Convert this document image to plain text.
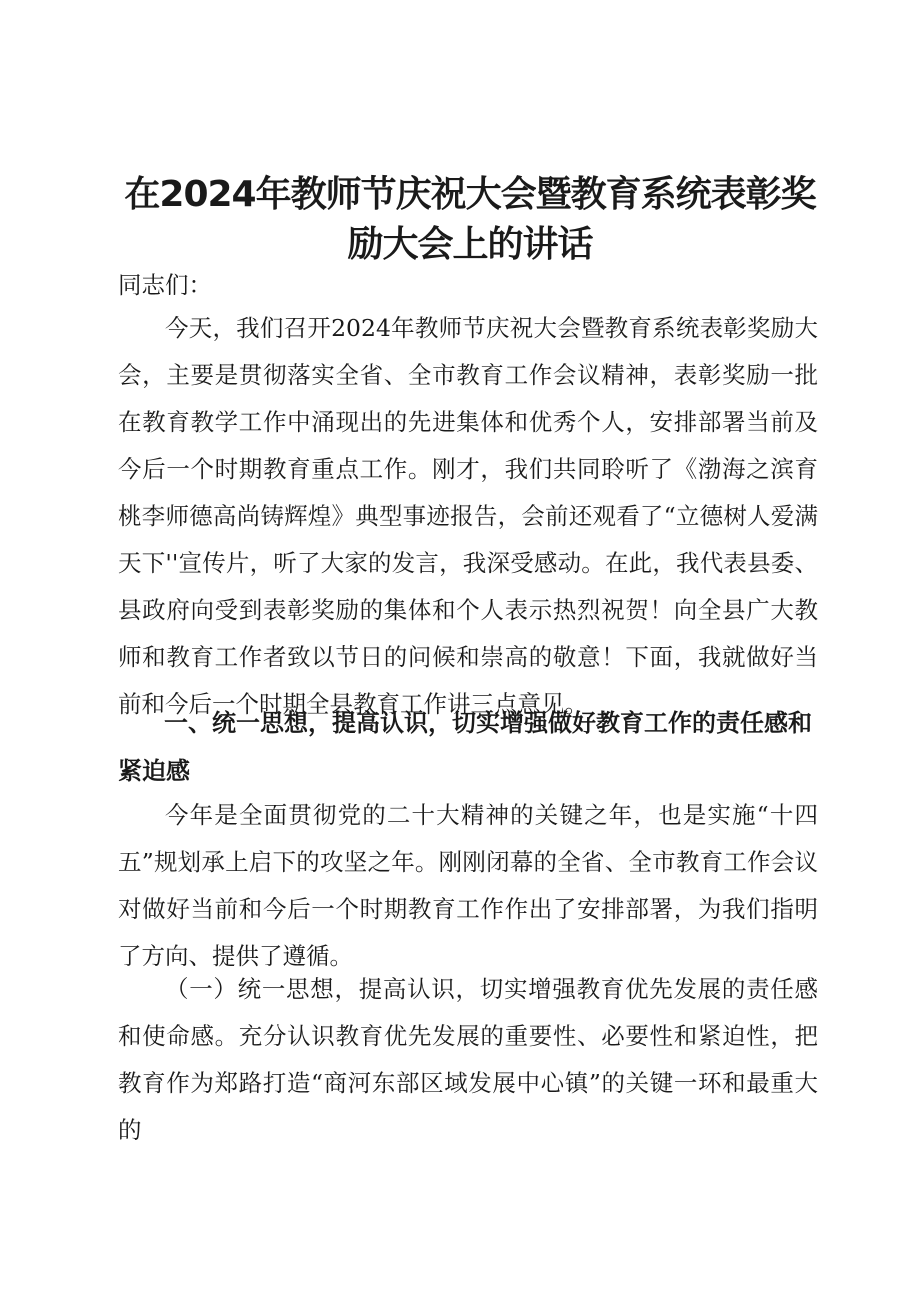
在2024年教师节庆祝大会暨教育系统表彰奖
励大会上的讲话

同志们：

今天，我们召开2024年教师节庆祝大会暨教育系统表彰奖励大会，主要是贯彻落实全省、全市教育工作会议精神，表彰奖励一批在教育教学工作中涌现出的先进集体和优秀个人，安排部署当前及今后一个时期教育重点工作。刚才，我们共同聆听了《渤海之滨育桃李师德高尚铸辉煌》典型事迹报告，会前还观看了“立德树人爱满天下''宣传片，听了大家的发言，我深受感动。在此，我代表县委、县政府向受到表彰奖励的集体和个人表示热烈祝贺！向全县广大教师和教育工作者致以节日的问候和崇高的敬意！下面，我就做好当前和今后一个时期全县教育工作讲三点意见。

一、统一思想，提高认识，切实增强做好教育工作的责任感和紧迫感

今年是全面贯彻党的二十大精神的关键之年，也是实施“十四五”规划承上启下的攻坚之年。刚刚闭幕的全省、全市教育工作会议对做好当前和今后一个时期教育工作作出了安排部署，为我们指明了方向、提供了遵循。

（一）统一思想，提高认识，切实增强教育优先发展的责任感和使命感。充分认识教育优先发展的重要性、必要性和紧迫性，把教育作为郑路打造“商河东部区域发展中心镇”的关键一环和最重大的
